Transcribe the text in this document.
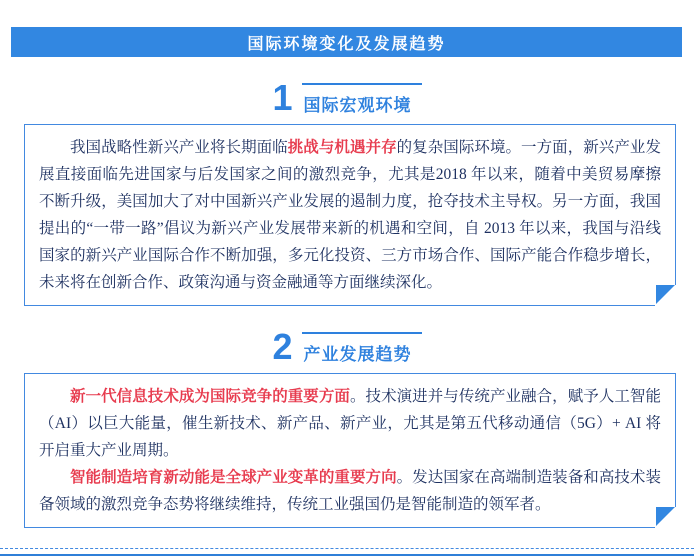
国际环境变化及发展趋势
1 国际宏观环境

我国战略性新兴产业将长期面临挑战与机遇并存的复杂国际环境。一方面，新兴产业发展直接面临先进国家与后发国家之间的激烈竞争，尤其是2018 年以来，随着中美贸易摩擦不断升级，美国加大了对中国新兴产业发展的遏制力度，抢夺技术主导权。另一方面，我国提出的“一带一路”倡议为新兴产业发展带来新的机遇和空间，自 2013 年以来，我国与沿线国家的新兴产业国际合作不断加强，多元化投资、三方市场合作、国际产能合作稳步增长，未来将在创新合作、政策沟通与资金融通等方面继续深化。

2 产业发展趋势

新一代信息技术成为国际竞争的重要方面。技术演进并与传统产业融合，赋予人工智能（AI）以巨大能量，催生新技术、新产品、新产业，尤其是第五代移动通信（5G）+ AI 将开启重大产业周期。

智能制造培育新动能是全球产业变革的重要方向。发达国家在高端制造装备和高技术装备领域的激烈竞争态势将继续维持，传统工业强国仍是智能制造的领军者。
